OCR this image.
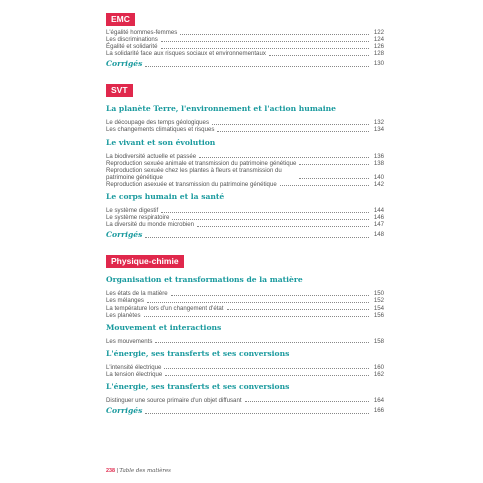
EMC
L'égalité hommes-femmes	122
Les discriminations	124
Égalité et solidarité	126
La solidarité face aux risques sociaux et environnementaux	128
Corrigés	130
SVT
La planète Terre, l'environnement et l'action humaine
Le découpage des temps géologiques	132
Les changements climatiques et risques	134
Le vivant et son évolution
La biodiversité actuelle et passée	136
Reproduction sexuée animale et transmission du patrimoine génétique	138
Reproduction sexuée chez les plantes à fleurs et transmission du patrimoine génétique	140
Reproduction asexuée et transmission du patrimoine génétique	142
Le corps humain et la santé
Le système digestif	144
Le système respiratoire	146
La diversité du monde microbien	147
Corrigés	148
Physique-chimie
Organisation et transformations de la matière
Les états de la matière	150
Les mélanges	152
La température lors d'un changement d'état	154
Les planètes	156
Mouvement et interactions
Les mouvements	158
L'énergie, ses transferts et ses conversions
L'intensité électrique	160
La tension électrique	162
L'énergie, ses transferts et ses conversions
Distinguer une source primaire d'un objet diffusant	164
Corrigés	166
238 | Table des matières
